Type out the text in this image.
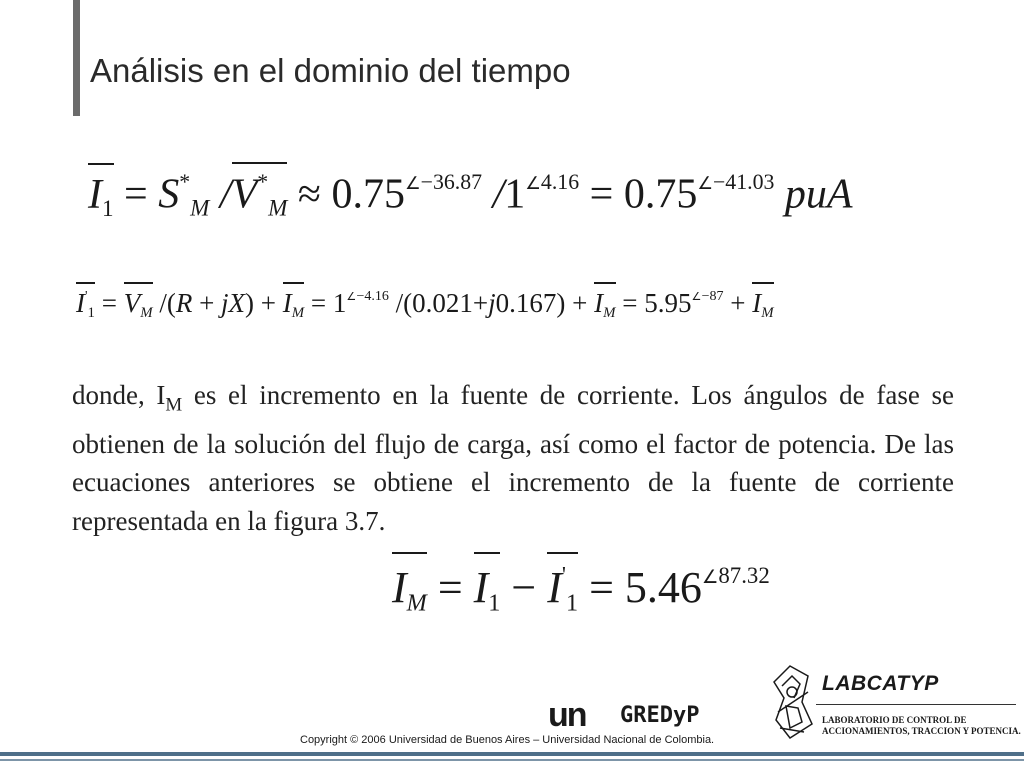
Análisis en el dominio del tiempo
$I1 = S^*_M$ $/V^*_M \approx 0.75^{\angle-36.87}$ $/1^{\angle 4.16} = 0.75^{\angle-41.03}$ puA
$I'1 = V_M$ $/(R + jX) + I_M = 1^{\angle-4.16}$ $/(0.021+j0.167) + I_M = 5.95^{\angle-87} + I_M$

donde, $I_M$ es el incremento en la fuente de corriente. Los ángulos de fase se obtienen de la solución del flujo de carga, así como el factor de potencia. De las ecuaciones anteriores se obtiene el incremento de la fuente de corriente representada en la figura 3.7.

$I_M = I1 - I'1 = 5.46^{\angle 87.32}$
un GREDyP
LABCATYP
LABORATORIO DE CONTROL DE
ACCIONAMIENTOS, TRACCION Y POTENCIA.
Copyright © 2006 Universidad de Buenos Aires – Universidad Nacional de Colombia.
